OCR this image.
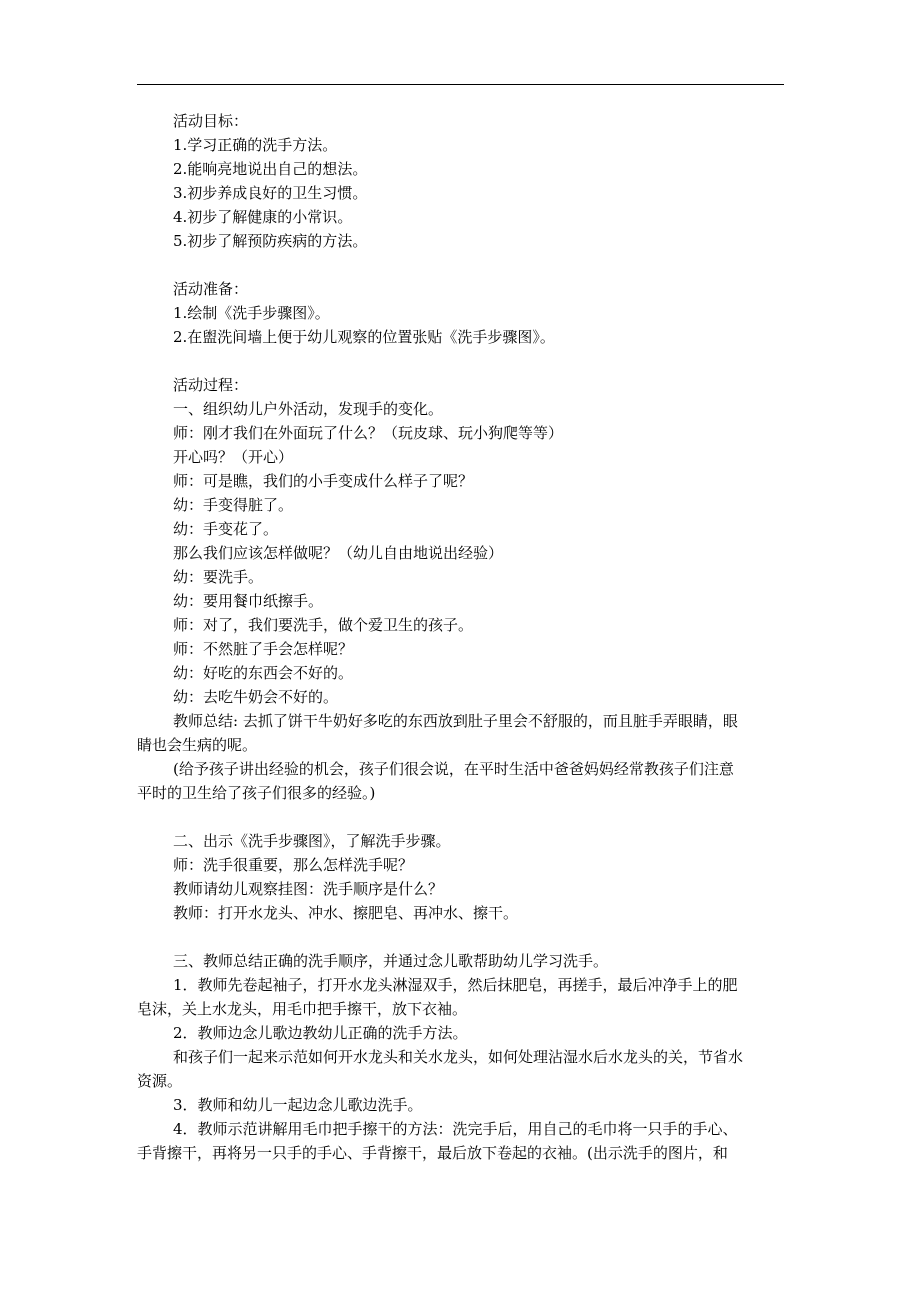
活动目标：
1.学习正确的洗手方法。
2.能响亮地说出自己的想法。
3.初步养成良好的卫生习惯。
4.初步了解健康的小常识。
5.初步了解预防疾病的方法。
活动准备：
1.绘制《洗手步骤图》。
2.在盥洗间墙上便于幼儿观察的位置张贴《洗手步骤图》。
活动过程：
一、组织幼儿户外活动，发现手的变化。
师：刚才我们在外面玩了什么？（玩皮球、玩小狗爬等等）
开心吗？（开心）
师：可是瞧，我们的小手变成什么样子了呢？
幼：手变得脏了。
幼：手变花了。
那么我们应该怎样做呢？（幼儿自由地说出经验）
幼：要洗手。
幼：要用餐巾纸擦手。
师：对了，我们要洗手，做个爱卫生的孩子。
师：不然脏了手会怎样呢？
幼：好吃的东西会不好的。
幼：去吃牛奶会不好的。
教师总结: 去抓了饼干牛奶好多吃的东西放到肚子里会不舒服的，而且脏手弄眼睛，眼
睛也会生病的呢。
(给予孩子讲出经验的机会，孩子们很会说，在平时生活中爸爸妈妈经常教孩子们注意
平时的卫生给了孩子们很多的经验。)
二、出示《洗手步骤图》，了解洗手步骤。
师：洗手很重要，那么怎样洗手呢？
教师请幼儿观察挂图：洗手顺序是什么？
教师：打开水龙头、冲水、擦肥皂、再冲水、擦干。
三、教师总结正确的洗手顺序，并通过念儿歌帮助幼儿学习洗手。
1．教师先卷起袖子，打开水龙头淋湿双手，然后抹肥皂，再搓手，最后冲净手上的肥
皂沫，关上水龙头，用毛巾把手擦干，放下衣袖。
2．教师边念儿歌边教幼儿正确的洗手方法。
和孩子们一起来示范如何开水龙头和关水龙头，如何处理沾湿水后水龙头的关，节省水
资源。
3．教师和幼儿一起边念儿歌边洗手。
4．教师示范讲解用毛巾把手擦干的方法：洗完手后，用自己的毛巾将一只手的手心、
手背擦干，再将另一只手的手心、手背擦干，最后放下卷起的衣袖。(出示洗手的图片，和
